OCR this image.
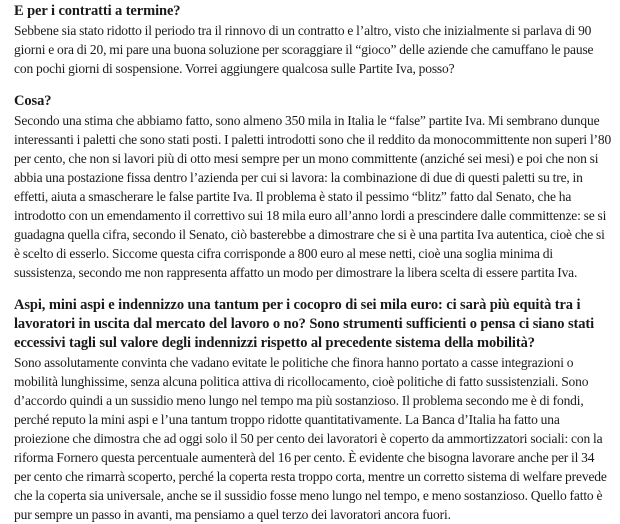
E per i contratti a termine?

Sebbene sia stato ridotto il periodo tra il rinnovo di un contratto e l’altro, visto che inizialmente si parlava di 90 giorni e ora di 20, mi pare una buona soluzione per scoraggiare il “gioco” delle aziende che camuffano le pause con pochi giorni di sospensione. Vorrei aggiungere qualcosa sulle Partite Iva, posso?

Cosa?

Secondo una stima che abbiamo fatto, sono almeno 350 mila in Italia le “false” partite Iva. Mi sembrano dunque interessanti i paletti che sono stati posti. I paletti introdotti sono che il reddito da monocommittente non superi l’80 per cento, che non si lavori più di otto mesi sempre per un mono committente (anziché sei mesi) e poi che non si abbia una postazione fissa dentro l’azienda per cui si lavora: la combinazione di due di questi paletti su tre, in effetti, aiuta a smascherare le false partite Iva. Il problema è stato il pessimo “blitz” fatto dal Senato, che ha introdotto con un emendamento il correttivo sui 18 mila euro all’anno lordi a prescindere dalle committenze: se si guadagna quella cifra, secondo il Senato, ciò basterebbe a dimostrare che si è una partita Iva autentica, cioè che si è scelto di esserlo. Siccome questa cifra corrisponde a 800 euro al mese netti, cioè una soglia minima di sussistenza, secondo me non rappresenta affatto un modo per dimostrare la libera scelta di essere partita Iva.

Aspi, mini aspi e indennizzo una tantum per i cocopro di sei mila euro: ci sarà più equità tra i lavoratori in uscita dal mercato del lavoro o no? Sono strumenti sufficienti o pensa ci siano stati eccessivi tagli sul valore degli indennizzi rispetto al precedente sistema della mobilità?

Sono assolutamente convinta che vadano evitate le politiche che finora hanno portato a casse integrazioni o mobilità lunghissime, senza alcuna politica attiva di ricollocamento, cioè politiche di fatto sussistenziali. Sono d’accordo quindi a un sussidio meno lungo nel tempo ma più sostanzioso. Il problema secondo me è di fondi, perché reputo la mini aspi e l’una tantum troppo ridotte quantitativamente. La Banca d’Italia ha fatto una proiezione che dimostra che ad oggi solo il 50 per cento dei lavoratori è coperto da ammortizzatori sociali: con la riforma Fornero questa percentuale aumenterà del 16 per cento. È evidente che bisogna lavorare anche per il 34 per cento che rimarrà scoperto, perché la coperta resta troppo corta, mentre un corretto sistema di welfare prevede che la coperta sia universale, anche se il sussidio fosse meno lungo nel tempo, e meno sostanzioso. Quello fatto è pur sempre un passo in avanti, ma pensiamo a quel terzo dei lavoratori ancora fuori.
